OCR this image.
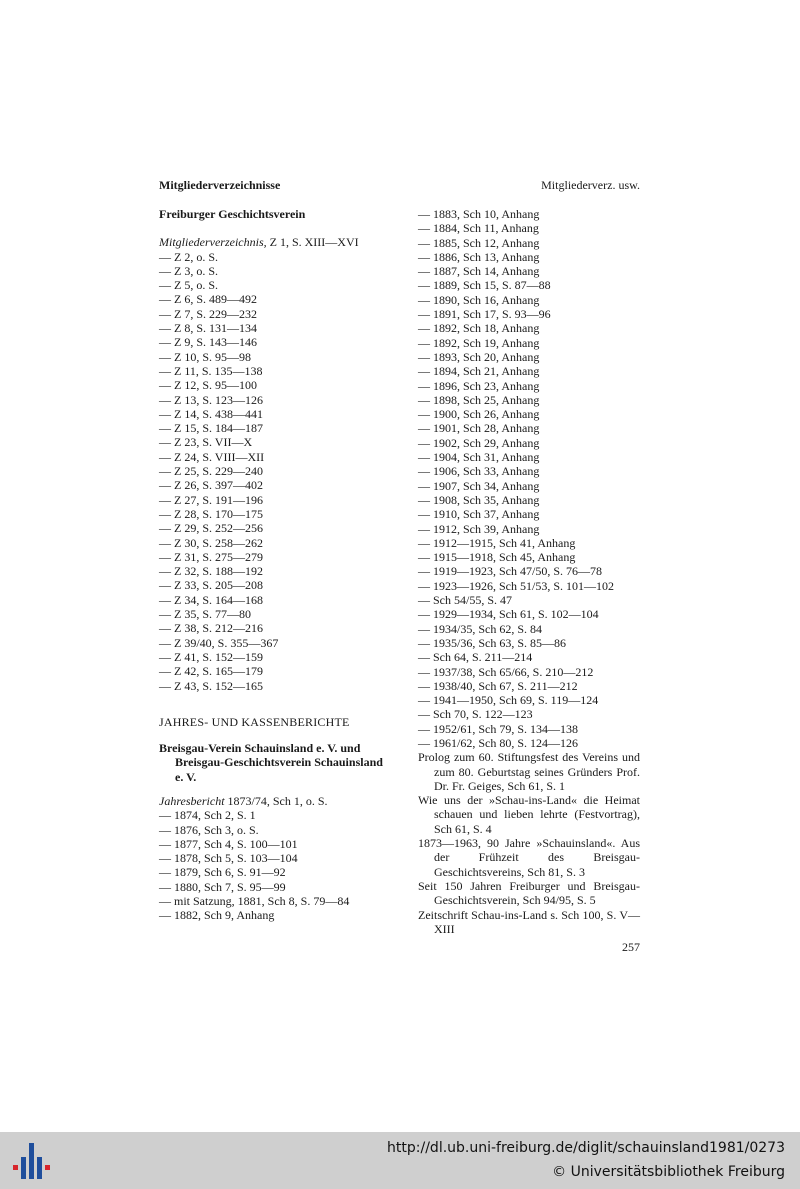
Mitgliederverzeichnisse	Mitgliederverz. usw.
Freiburger Geschichtsverein
Mitgliederverzeichnis, Z 1, S. XIII—XVI
— Z 2, o. S.
— Z 3, o. S.
— Z 5, o. S.
— Z 6, S. 489—492
— Z 7, S. 229—232
— Z 8, S. 131—134
— Z 9, S. 143—146
— Z 10, S. 95—98
— Z 11, S. 135—138
— Z 12, S. 95—100
— Z 13, S. 123—126
— Z 14, S. 438—441
— Z 15, S. 184—187
— Z 23, S. VII—X
— Z 24, S. VIII—XII
— Z 25, S. 229—240
— Z 26, S. 397—402
— Z 27, S. 191—196
— Z 28, S. 170—175
— Z 29, S. 252—256
— Z 30, S. 258—262
— Z 31, S. 275—279
— Z 32, S. 188—192
— Z 33, S. 205—208
— Z 34, S. 164—168
— Z 35, S. 77—80
— Z 38, S. 212—216
— Z 39/40, S. 355—367
— Z 41, S. 152—159
— Z 42, S. 165—179
— Z 43, S. 152—165
JAHRES- UND KASSENBERICHTE
Breisgau-Verein Schauinsland e. V. und Breisgau-Geschichtsverein Schauinsland e. V.
Jahresbericht 1873/74, Sch 1, o. S.
— 1874, Sch 2, S. 1
— 1876, Sch 3, o. S.
— 1877, Sch 4, S. 100—101
— 1878, Sch 5, S. 103—104
— 1879, Sch 6, S. 91—92
— 1880, Sch 7, S. 95—99
— mit Satzung, 1881, Sch 8, S. 79—84
— 1882, Sch 9, Anhang
— 1883, Sch 10, Anhang
— 1884, Sch 11, Anhang
— 1885, Sch 12, Anhang
— 1886, Sch 13, Anhang
— 1887, Sch 14, Anhang
— 1889, Sch 15, S. 87—88
— 1890, Sch 16, Anhang
— 1891, Sch 17, S. 93—96
— 1892, Sch 18, Anhang
— 1892, Sch 19, Anhang
— 1893, Sch 20, Anhang
— 1894, Sch 21, Anhang
— 1896, Sch 23, Anhang
— 1898, Sch 25, Anhang
— 1900, Sch 26, Anhang
— 1901, Sch 28, Anhang
— 1902, Sch 29, Anhang
— 1904, Sch 31, Anhang
— 1906, Sch 33, Anhang
— 1907, Sch 34, Anhang
— 1908, Sch 35, Anhang
— 1910, Sch 37, Anhang
— 1912, Sch 39, Anhang
— 1912—1915, Sch 41, Anhang
— 1915—1918, Sch 45, Anhang
— 1919—1923, Sch 47/50, S. 76—78
— 1923—1926, Sch 51/53, S. 101—102
— Sch 54/55, S. 47
— 1929—1934, Sch 61, S. 102—104
— 1934/35, Sch 62, S. 84
— 1935/36, Sch 63, S. 85—86
— Sch 64, S. 211—214
— 1937/38, Sch 65/66, S. 210—212
— 1938/40, Sch 67, S. 211—212
— 1941—1950, Sch 69, S. 119—124
— Sch 70, S. 122—123
— 1952/61, Sch 79, S. 134—138
— 1961/62, Sch 80, S. 124—126
Prolog zum 60. Stiftungsfest des Vereins und zum 80. Geburtstag seines Gründers Prof. Dr. Fr. Geiges, Sch 61, S. 1
Wie uns der »Schau-ins-Land« die Heimat schauen und lieben lehrte (Festvortrag), Sch 61, S. 4
1873—1963, 90 Jahre »Schauinsland«. Aus der Frühzeit des Breisgau-Geschichtsvereins, Sch 81, S. 3
Seit 150 Jahren Freiburger und Breisgau-Geschichtsverein, Sch 94/95, S. 5
Zeitschrift Schau-ins-Land s. Sch 100, S. V—XIII
257
http://dl.ub.uni-freiburg.de/diglit/schauinsland1981/0273
© Universitätsbibliothek Freiburg
